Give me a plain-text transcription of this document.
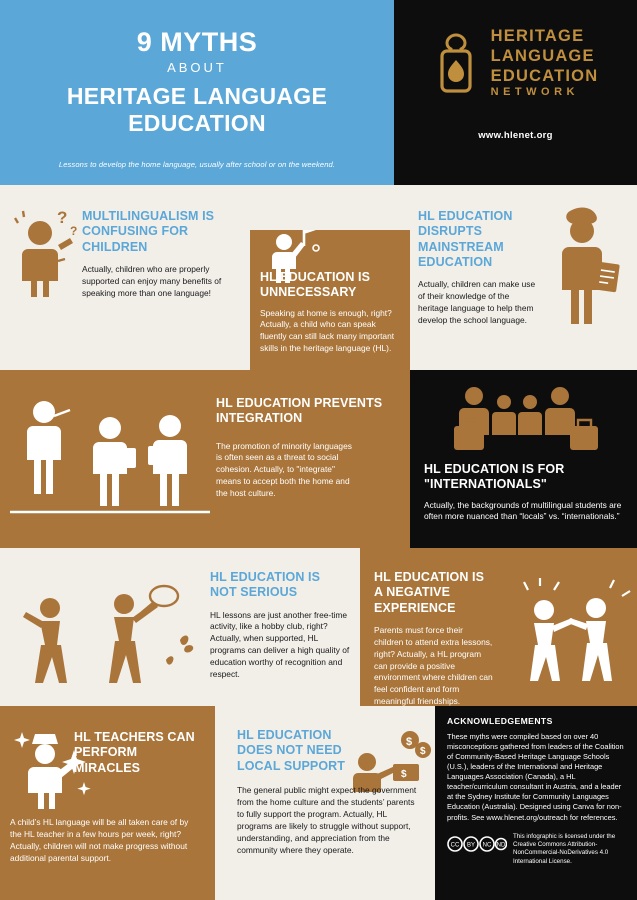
9 MYTHS
ABOUT
HERITAGE LANGUAGE EDUCATION
Lessons to develop the home language, usually after school or on the weekend.
HERITAGE
LANGUAGE
EDUCATION
NETWORK
www.hlenet.org
?
?
MULTILINGUALISM IS CONFUSING FOR CHILDREN
Actually, children who are properly supported can enjoy many benefits of speaking more than one language!
HL EDUCATION IS UNNECESSARY
Speaking at home is enough, right? Actually, a child who can speak fluently can still lack many important skills in the heritage language (HL).
HL EDUCATION DISRUPTS MAINSTREAM EDUCATION
Actually, children can make use of their knowledge of the heritage language to help them develop the school language.
HL EDUCATION PREVENTS INTEGRATION
The promotion of minority languages is often seen as a threat to social cohesion. Actually, to "integrate" means to accept both the home and the host culture.
HL EDUCATION IS FOR "INTERNATIONALS"
Actually, the backgrounds of multilingual students are often more nuanced than “locals” vs. “internationals.”
HL EDUCATION IS NOT SERIOUS
HL lessons are just another free-time activity, like a hobby club, right? Actually, when supported, HL programs can deliver a high quality of education worthy of recognition and respect.
HL EDUCATION IS A NEGATIVE EXPERIENCE
Parents must force their children to attend extra lessons, right? Actually, a HL program can provide a positive environment where children can feel confident and form meaningful friendships.
HL TEACHERS CAN PERFORM MIRACLES
A child’s HL language will be all taken care of by the HL teacher in a few hours per week, right? Actually, children will not make progress without additional parental support.
HL EDUCATION DOES NOT NEED LOCAL SUPPORT
$
$
$
The general public might expect the government from the home culture and the students’ parents to fully support the program. Actually, HL programs are likely to struggle without support, understanding, and appreciation from the community where they operate.
ACKNOWLEDGEMENTS
These myths were compiled based on over 40 misconceptions gathered from leaders of the Coalition of Community-Based Heritage Language Schools (U.S.), leaders of the International and Heritage Languages Association (Canada), a HL teacher/curriculum consultant in Austria, and a leader at the Sydney Institute for Community Languages Education (Australia). Designed using Canva for non-profits. See www.hlenet.org/outreach for references.
CC BY NC ND
This infographic is licensed under the Creative Commons Attribution-NonCommercial-NoDerivatives 4.0 International License.
